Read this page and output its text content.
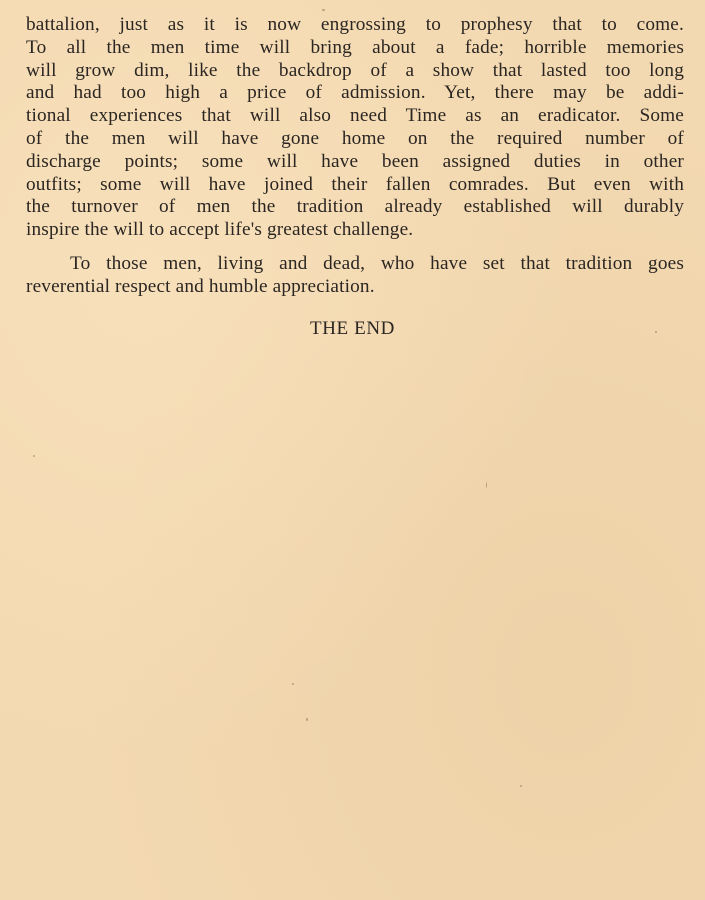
battalion, just as it is now engrossing to prophesy that to come.
To all the men time will bring about a fade; horrible memories
will grow dim, like the backdrop of a show that lasted too long
and had too high a price of admission. Yet, there may be addi-
tional experiences that will also need Time as an eradicator. Some
of the men will have gone home on the required number of
discharge points; some will have been assigned duties in other
outfits; some will have joined their fallen comrades. But even with
the turnover of men the tradition already established will durably
inspire the will to accept life's greatest challenge.

To those men, living and dead, who have set that tradition goes
reverential respect and humble appreciation.

THE END
